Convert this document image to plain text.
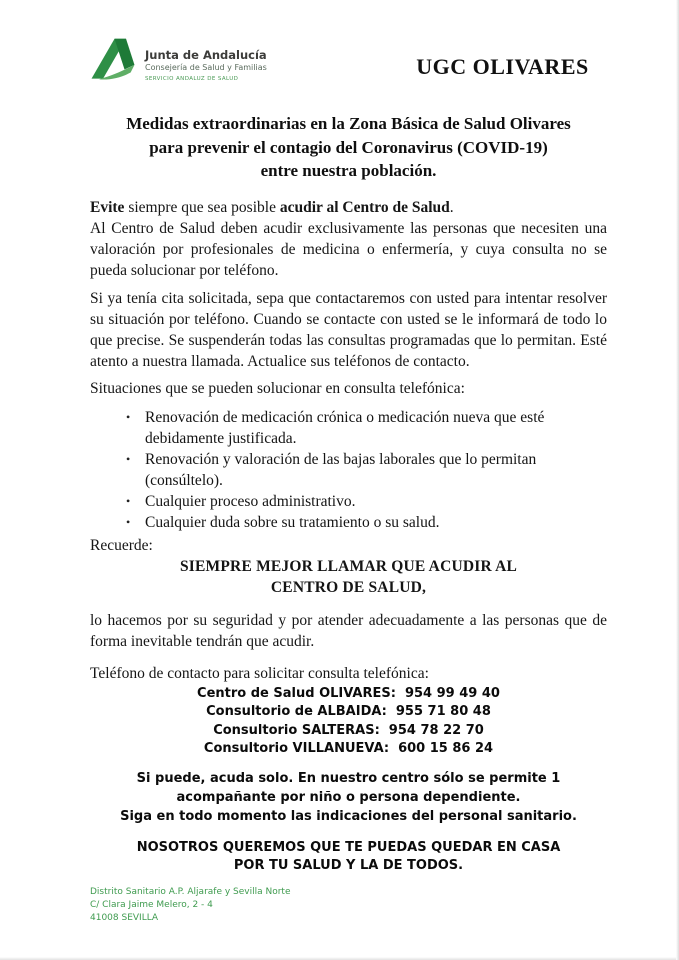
Junta de Andalucía
Consejería de Salud y Familias
SERVICIO ANDALUZ DE SALUD	UGC OLIVARES
Medidas extraordinarias en la Zona Básica de Salud Olivares
para prevenir el contagio del Coronavirus (COVID-19)
entre nuestra población.
Evite siempre que sea posible acudir al Centro de Salud.
Al Centro de Salud deben acudir exclusivamente las personas que necesiten una valoración por profesionales de medicina o enfermería, y cuya consulta no se pueda solucionar por teléfono.
Si ya tenía cita solicitada, sepa que contactaremos con usted para intentar resolver su situación por teléfono. Cuando se contacte con usted se le informará de todo lo que precise. Se suspenderán todas las consultas programadas que lo permitan. Esté atento a nuestra llamada. Actualice sus teléfonos de contacto.
Situaciones que se pueden solucionar en consulta telefónica:
• Renovación de medicación crónica o medicación nueva que esté debidamente justificada.
• Renovación y valoración de las bajas laborales que lo permitan (consúltelo).
• Cualquier proceso administrativo.
• Cualquier duda sobre su tratamiento o su salud.
Recuerde:
SIEMPRE MEJOR LLAMAR QUE ACUDIR AL
CENTRO DE SALUD,
lo hacemos por su seguridad y por atender adecuadamente a las personas que de forma inevitable tendrán que acudir.
Teléfono de contacto para solicitar consulta telefónica:
Centro de Salud OLIVARES: 954 99 49 40
Consultorio de ALBAIDA: 955 71 80 48
Consultorio SALTERAS: 954 78 22 70
Consultorio VILLANUEVA: 600 15 86 24
Si puede, acuda solo. En nuestro centro sólo se permite 1
acompañante por niño o persona dependiente.
Siga en todo momento las indicaciones del personal sanitario.
NOSOTROS QUEREMOS QUE TE PUEDAS QUEDAR EN CASA
POR TU SALUD Y LA DE TODOS.
Distrito Sanitario A.P. Aljarafe y Sevilla Norte
C/ Clara Jaime Melero, 2 - 4
41008 SEVILLA
